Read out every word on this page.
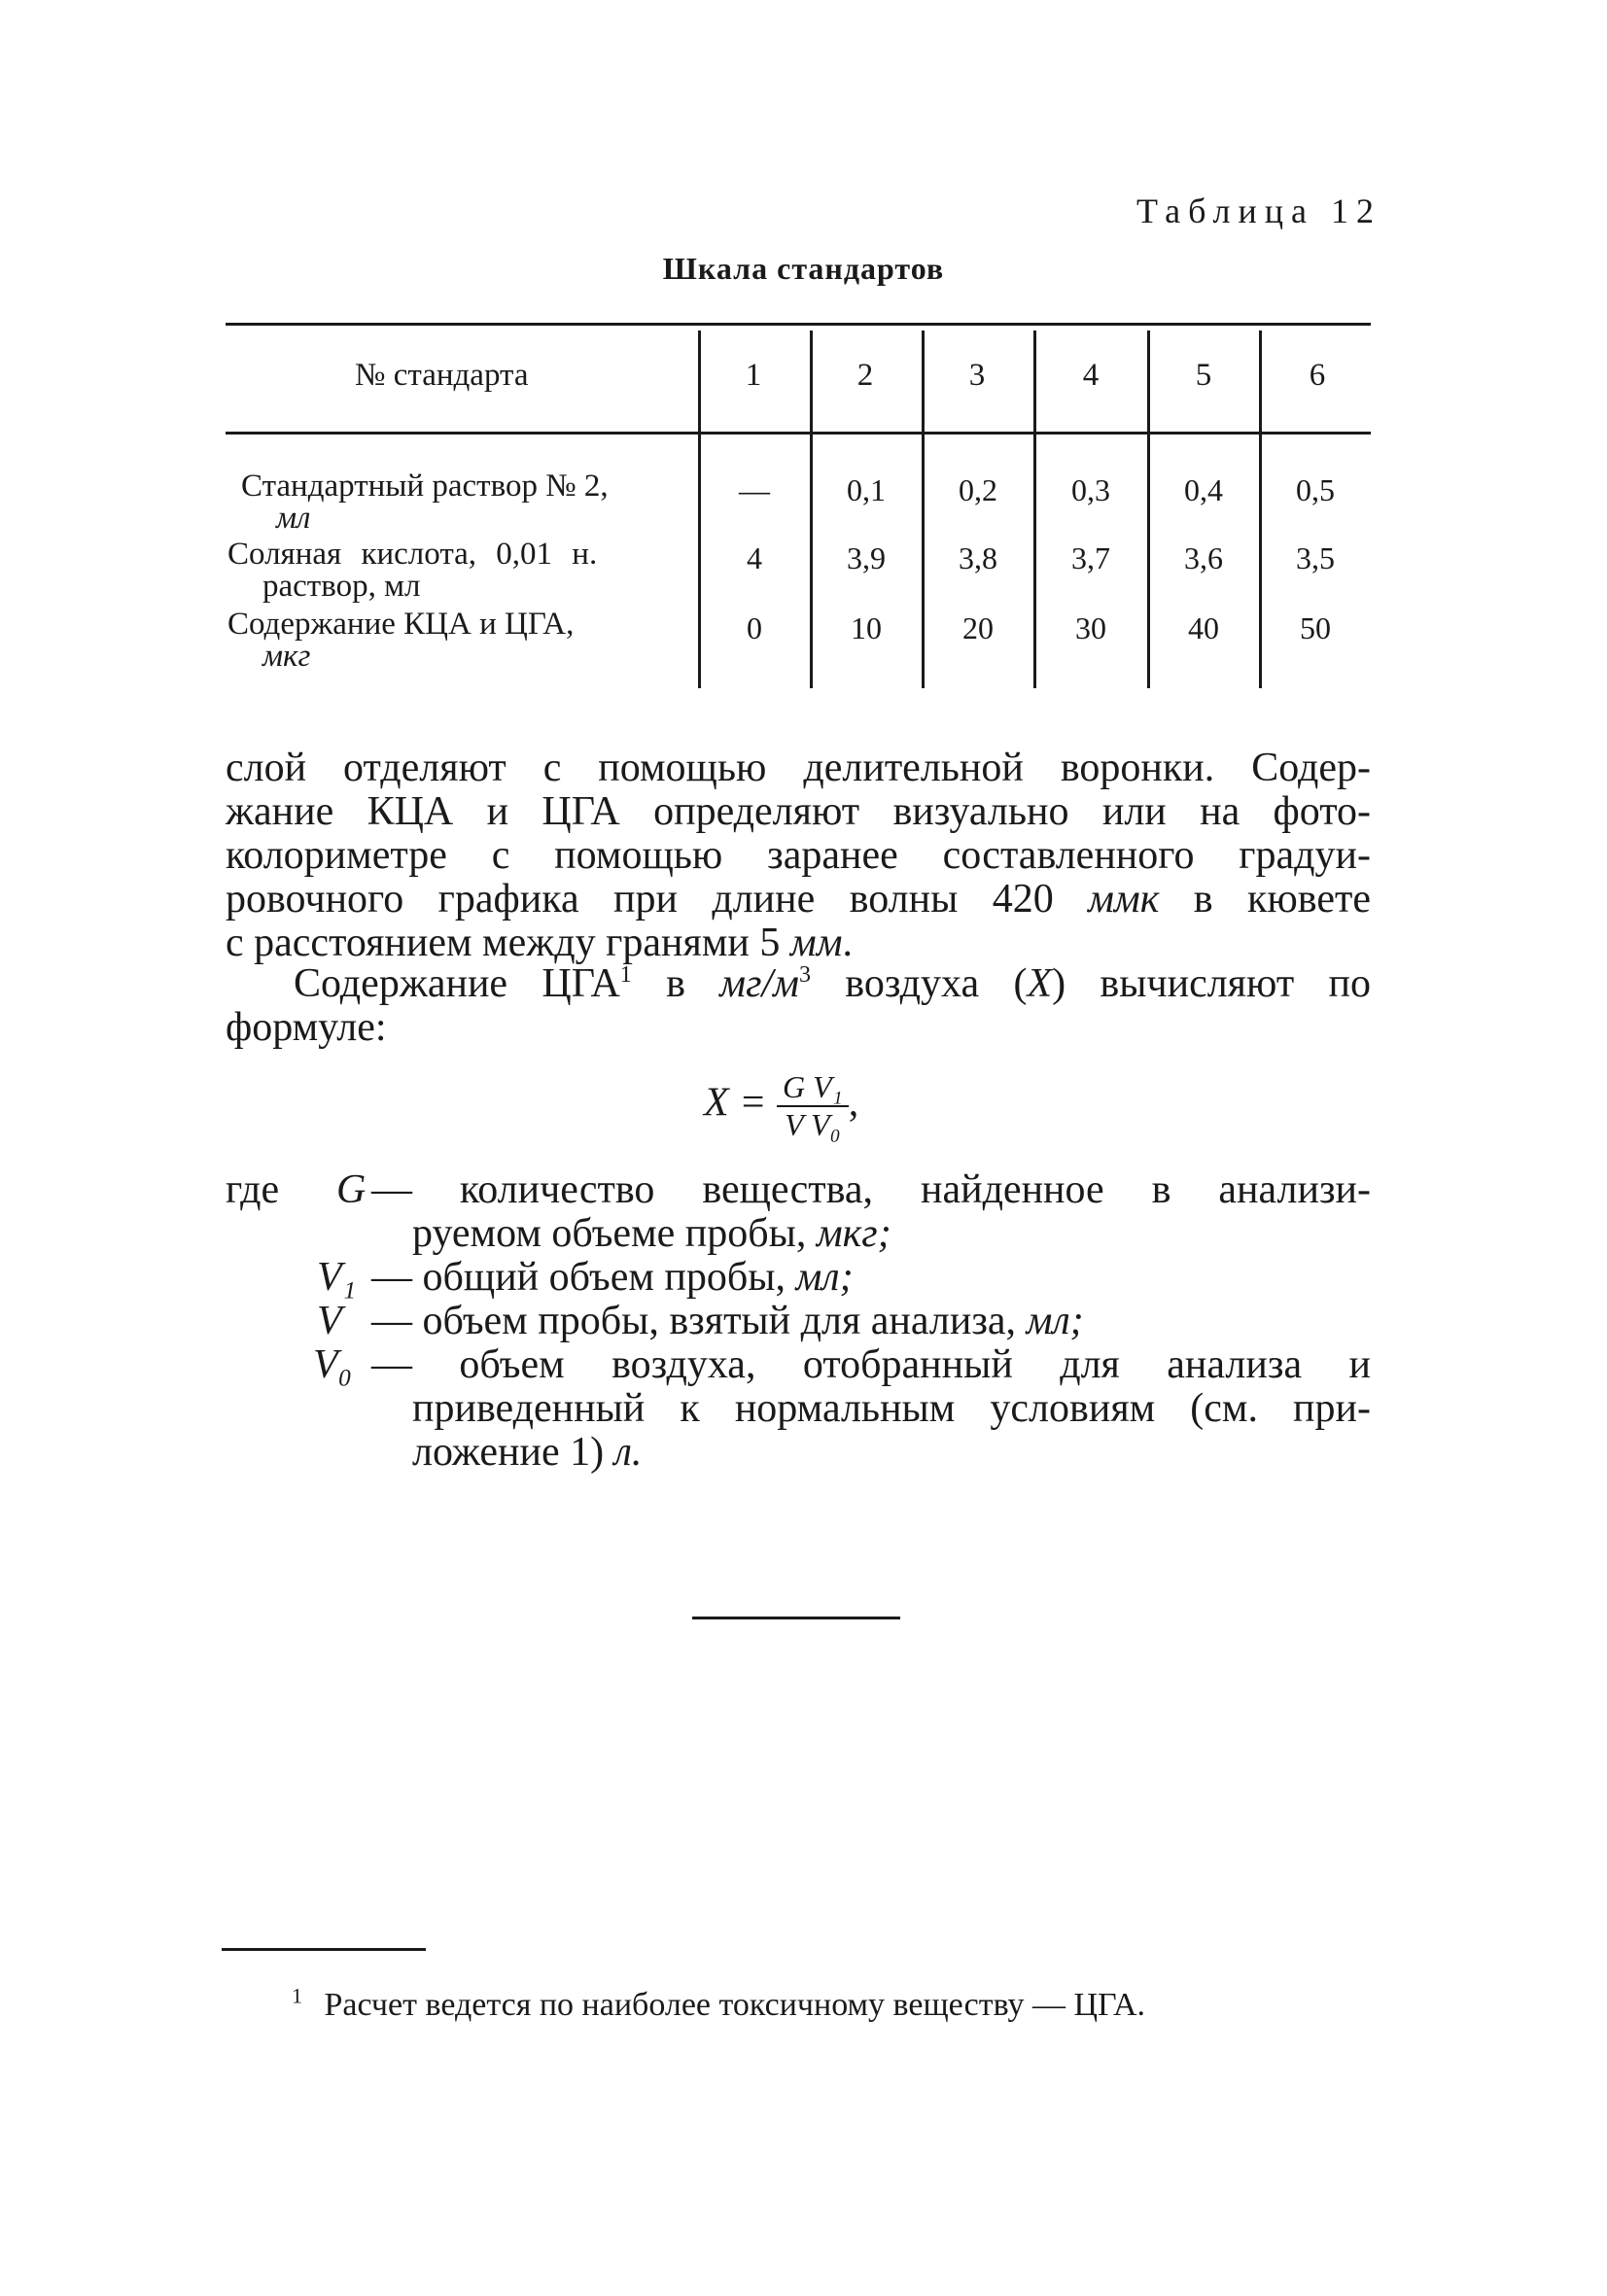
Таблица 12
Шкала стандартов
№ стандарта	1	2	3	4	5	6
Стандартный раствор № 2,
мл
—	0,1	0,2	0,3	0,4	0,5
Соляная кислота, 0,01 н.
раствор, мл
4	3,9	3,8	3,7	3,6	3,5
Содержание КЦА и ЦГА,
мкг
0	10	20	30	40	50
слой отделяют с помощью делительной воронки. Содер-
жание КЦА и ЦГА определяют визуально или на фото-
колориметре с помощью заранее составленного градуи-
ровочного графика при длине волны 420 ммк в кювете
с расстоянием между гранями 5 мм.
Содержание ЦГА$^1$ в $мг/м^3$ воздуха (X) вычисляют по
формуле:
$X = \frac{\text{G V₁}}{\text{V V₀}}$ ,
где G — количество вещества, найденное в анализи-
руемом объеме пробы, мкг;
V₁ — общий объем пробы, мл;
V — объем пробы, взятый для анализа, мл;
V₀ — объем воздуха, отобранный для анализа и
приведенный к нормальным условиям (см. при-
ложение 1) л.
$^1$ Расчет ведется по наиболее токсичному веществу — ЦГА.
